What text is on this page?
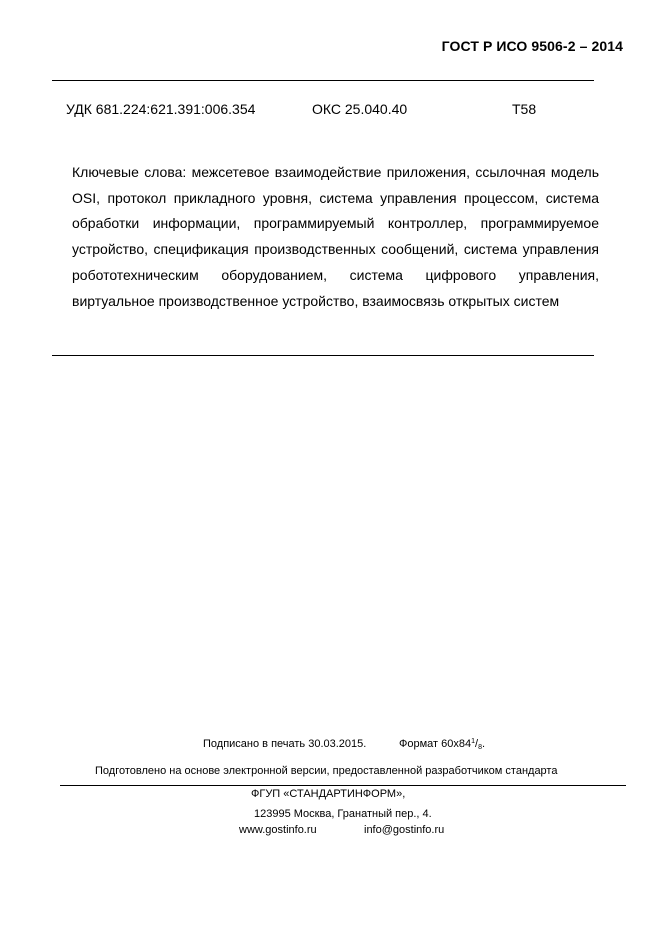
ГОСТ Р ИСО 9506-2 – 2014
УДК 681.224:621.391:006.354	ОКС 25.040.40	Т58

Ключевые слова: межсетевое взаимодействие приложения, ссылочная модель OSI, протокол прикладного уровня, система управления процессом, система обработки информации, программируемый контроллер, программируемое устройство, спецификация производственных сообщений, система управления робототехническим оборудованием, система цифрового управления, виртуальное производственное устройство, взаимосвязь открытых систем

Подписано в печать 30.03.2015.	Формат $60x84^1/_8$.
Подготовлено на основе электронной версии, предоставленной разработчиком стандарта
ФГУП «СТАНДАРТИНФОРМ»,
123995 Москва, Гранатный пер., 4.
www.gostinfo.ru	info@gostinfo.ru
